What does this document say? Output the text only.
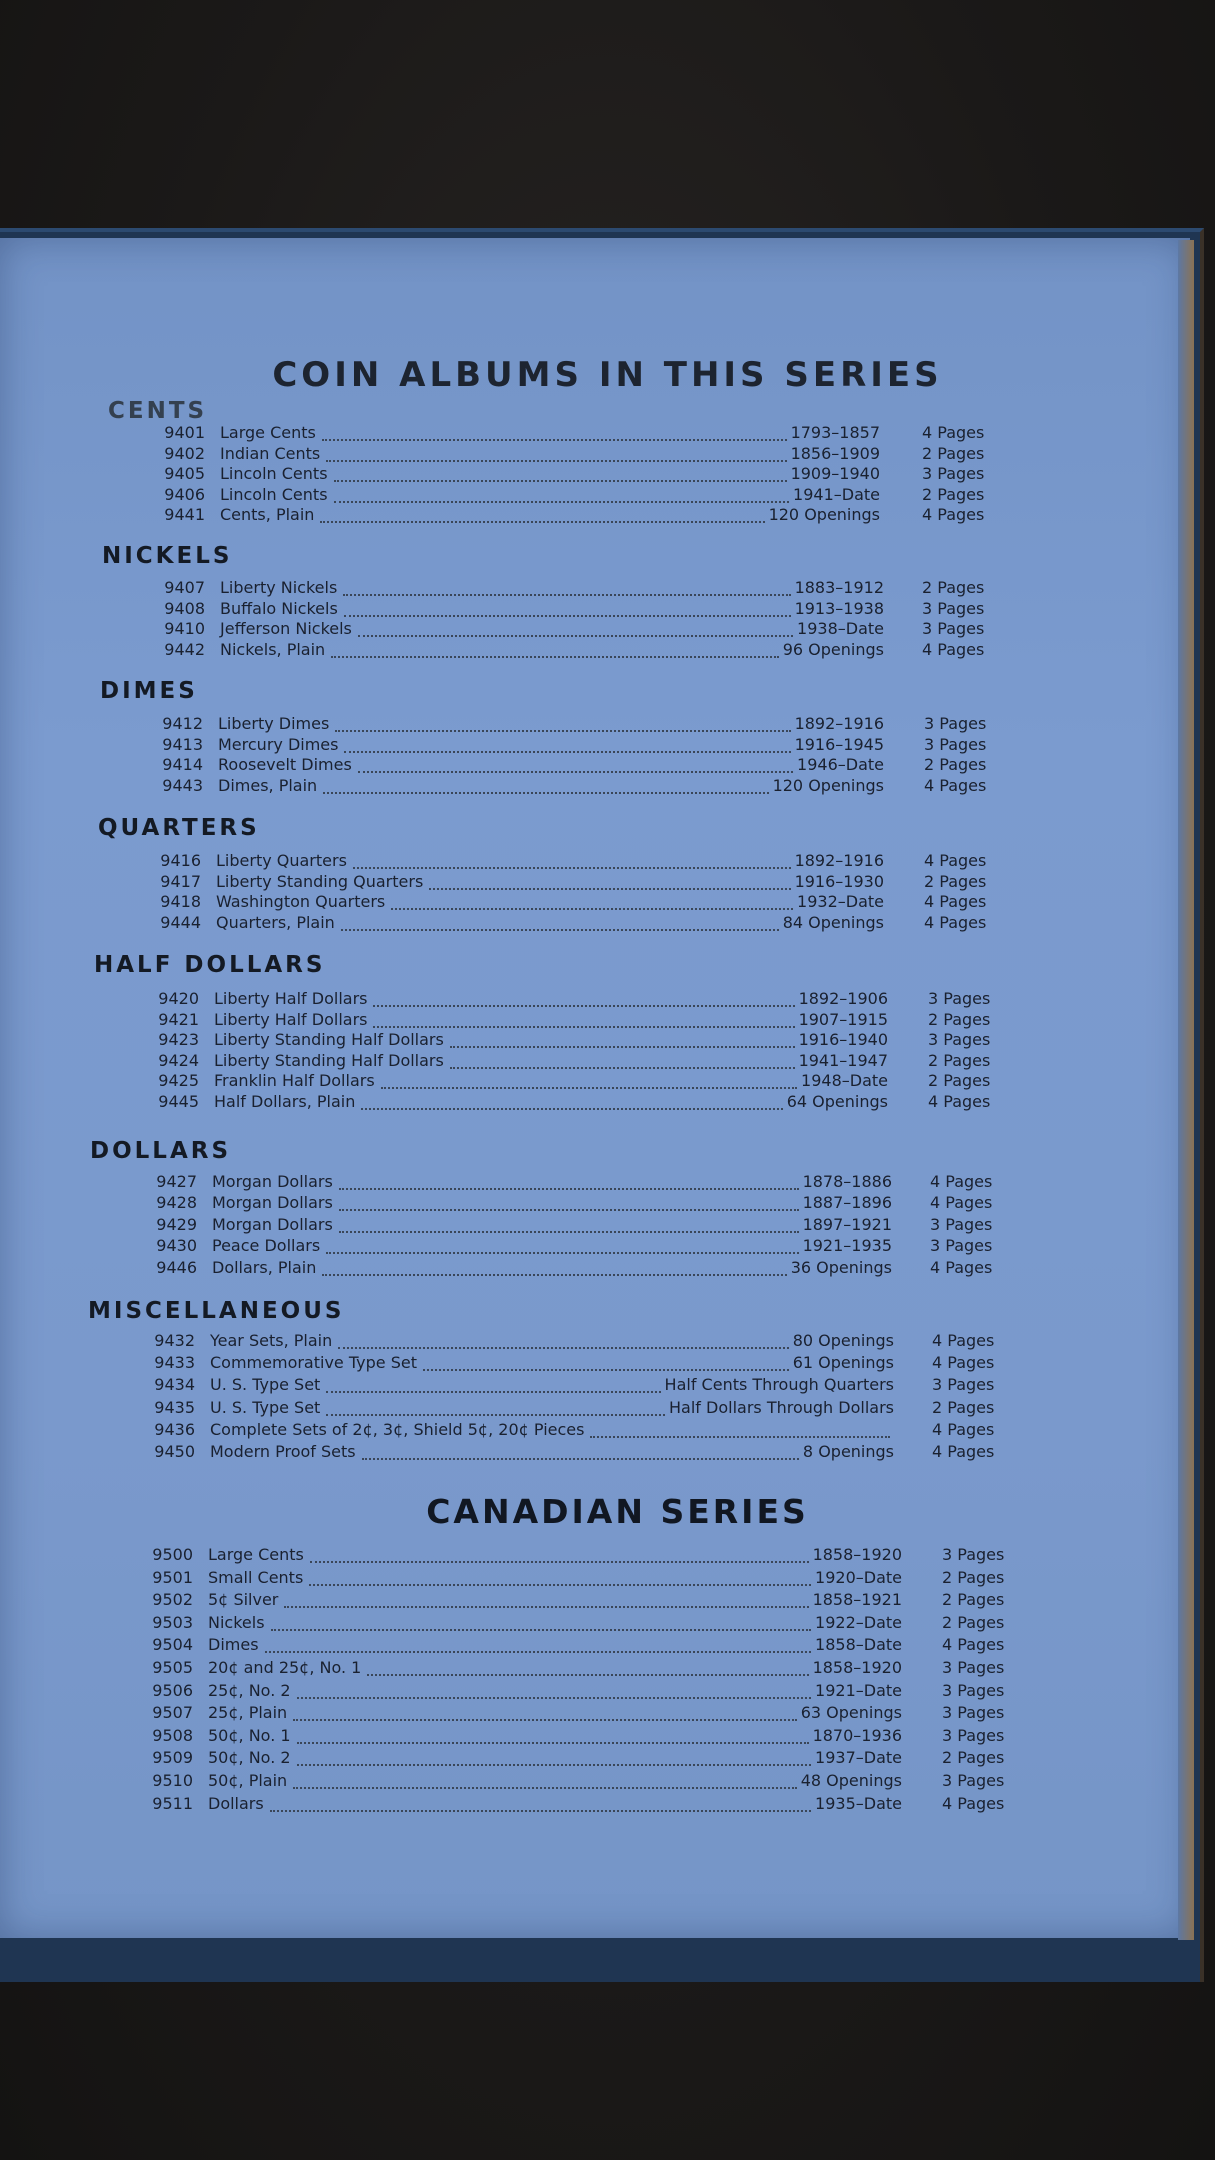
COIN ALBUMS IN THIS SERIES
CANADIAN SERIES
CENTS
9401 Large Cents	1793–1857	4 Pages
9402 Indian Cents	1856–1909	2 Pages
9405 Lincoln Cents	1909–1940	3 Pages
9406 Lincoln Cents	1941–Date	2 Pages
9441 Cents, Plain	120 Openings	4 Pages
NICKELS
9407 Liberty Nickels	1883–1912 2 Pages
9408 Buffalo Nickels	1913–1938 3 Pages
9410 Jefferson Nickels	1938–Date 3 Pages
9442 Nickels, Plain	96 Openings 4 Pages
DIMES
9412 Liberty Dimes	1892–1916	3 Pages
9413 Mercury Dimes	1916–1945	3 Pages
9414 Roosevelt Dimes	1946–Date	2 Pages
9443 Dimes, Plain	120 Openings	4 Pages
QUARTERS
9416 Liberty Quarters	1892–1916	4 Pages
9417 Liberty Standing Quarters	1916–1930	2 Pages
9418 Washington Quarters	1932–Date	4 Pages
9444 Quarters, Plain	84 Openings	4 Pages
HALF DOLLARS
9420 Liberty Half Dollars	1892–1906	3 Pages
9421 Liberty Half Dollars	1907–1915	2 Pages
9423 Liberty Standing Half Dollars	1916–1940	3 Pages
9424 Liberty Standing Half Dollars	1941–1947	2 Pages
9425 Franklin Half Dollars	1948–Date	2 Pages
9445 Half Dollars, Plain	64 Openings	4 Pages
DOLLARS
9427 Morgan Dollars	1878–1886 4 Pages
9428 Morgan Dollars	1887–1896 4 Pages
9429 Morgan Dollars	1897–1921 3 Pages
9430 Peace Dollars	1921–1935 3 Pages
9446 Dollars, Plain	36 Openings 4 Pages
MISCELLANEOUS
9432 Year Sets, Plain	80 Openings 4 Pages
9433 Commemorative Type Set	61 Openings 4 Pages
9434 U. S. Type Set	Half Cents Through Quarters 3 Pages
9435 U. S. Type Set	Half Dollars Through Dollars 2 Pages
9436 Complete Sets of 2¢, 3¢, Shield 5¢, 20¢ Pieces	4 Pages
9450 Modern Proof Sets	8 Openings 4 Pages
9500 Large Cents	1858–1920	3 Pages
9501 Small Cents	1920–Date	2 Pages
9502 5¢ Silver	1858–1921	2 Pages
9503 Nickels	1922–Date	2 Pages
9504 Dimes	1858–Date	4 Pages
9505 20¢ and 25¢, No. 1	1858–1920	3 Pages
9506 25¢, No. 2	1921–Date	3 Pages
9507 25¢, Plain	63 Openings	3 Pages
9508 50¢, No. 1	1870–1936	3 Pages
9509 50¢, No. 2	1937–Date	2 Pages
9510 50¢, Plain	48 Openings	3 Pages
9511 Dollars	1935–Date	4 Pages
